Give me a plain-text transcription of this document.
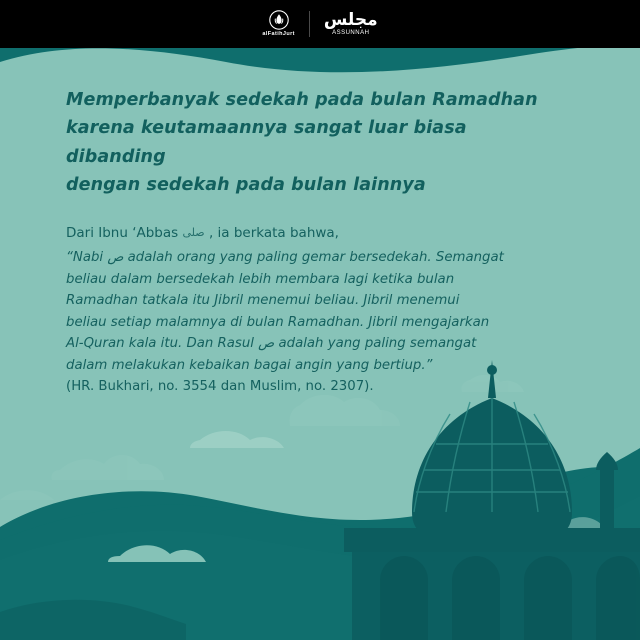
alFatihJurt
مجلس
ASSUNNAH
Memperbanyak sedekah pada bulan Ramadhan
karena keutamaannya sangat luar biasa dibanding
dengan sedekah pada bulan lainnya

Dari Ibnu ‘Abbas صلى , ia berkata bahwa,

“Nabi ص adalah orang yang paling gemar bersedekah. Semangat
beliau dalam bersedekah lebih membara lagi ketika bulan
Ramadhan tatkala itu Jibril menemui beliau. Jibril menemui
beliau setiap malamnya di bulan Ramadhan. Jibril mengajarkan
Al-Quran kala itu. Dan Rasul ص adalah yang paling semangat
dalam melakukan kebaikan bagai angin yang bertiup.”

(HR. Bukhari, no. 3554 dan Muslim, no. 2307).
